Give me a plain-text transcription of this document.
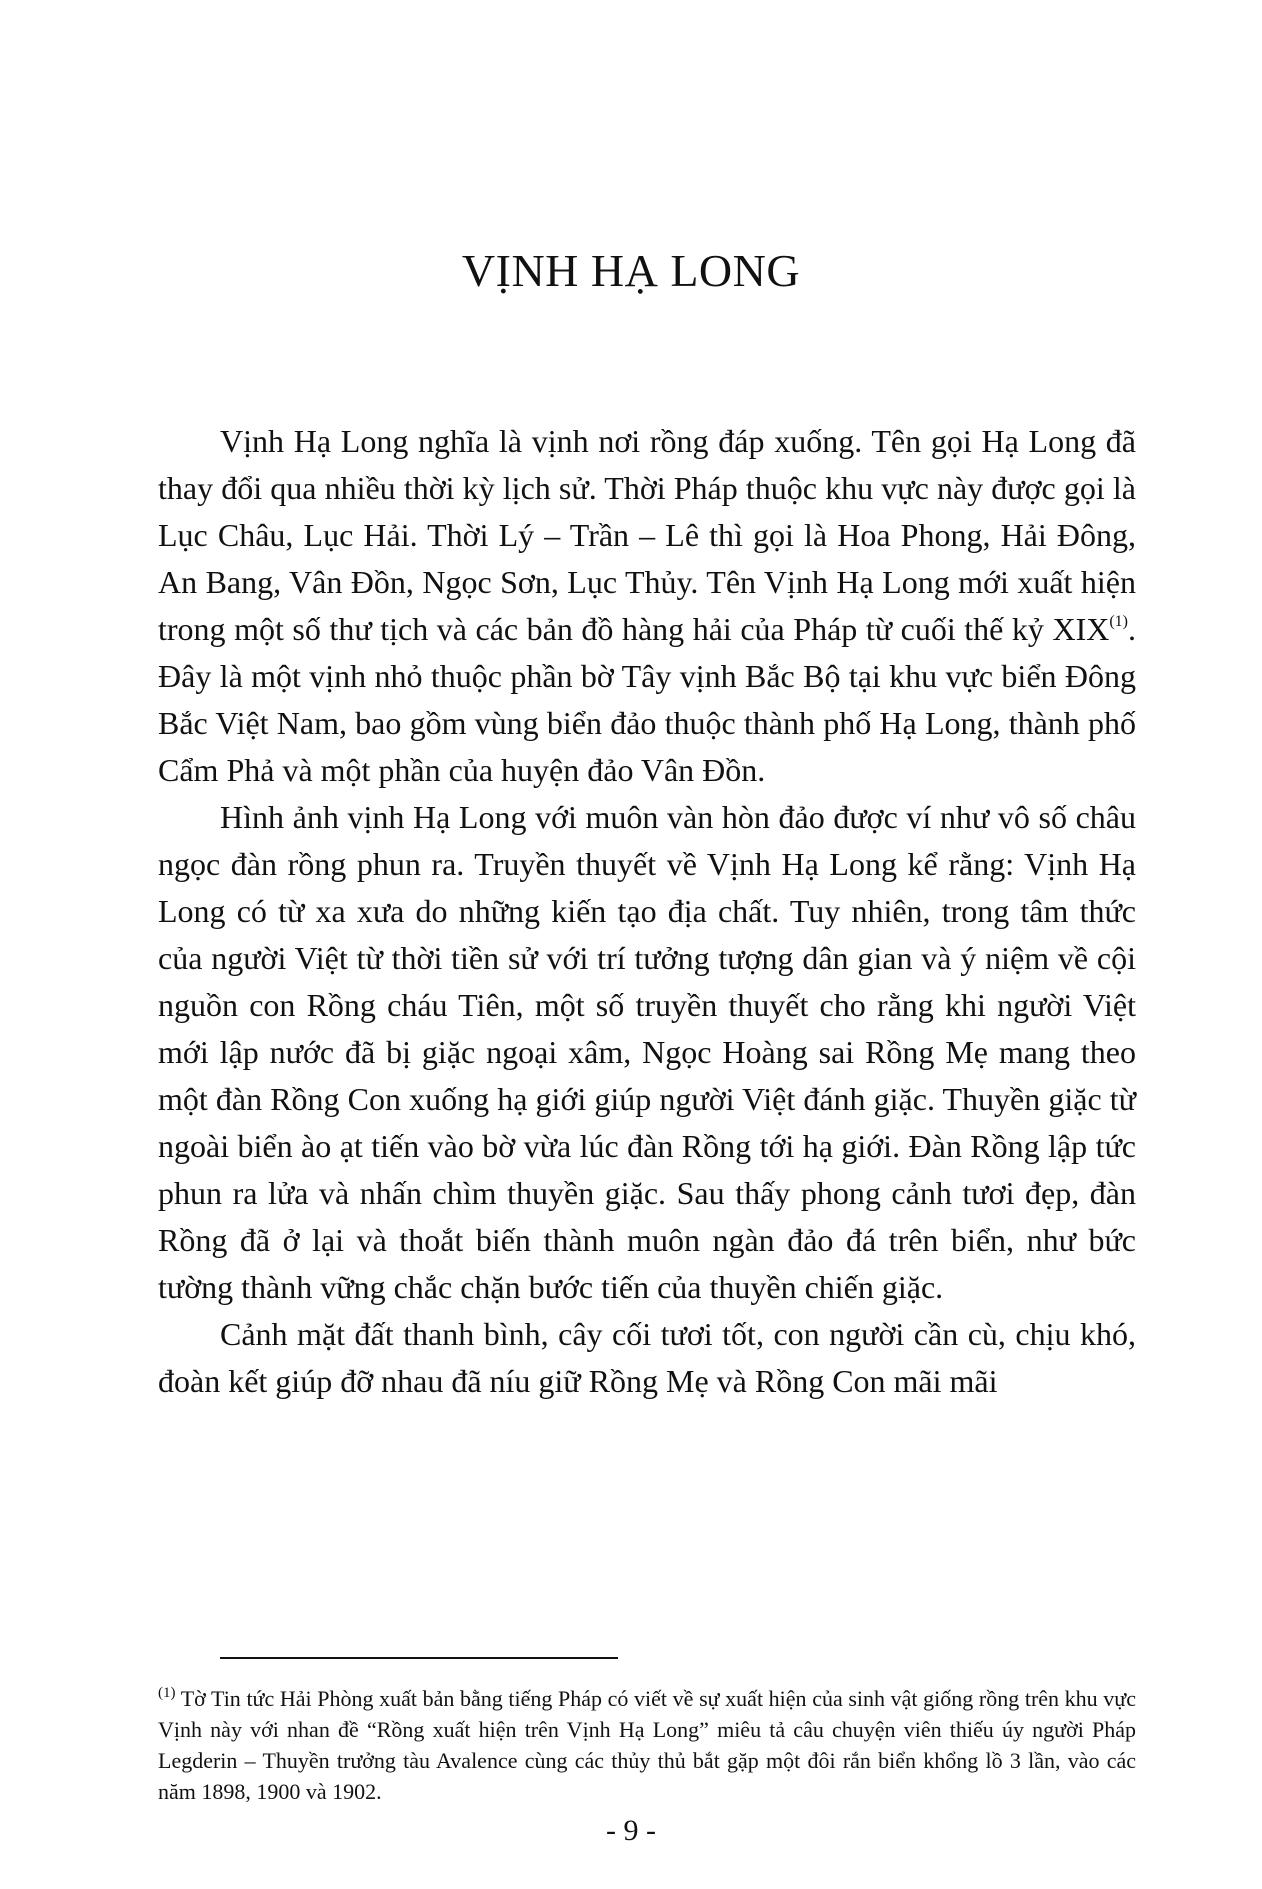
VỊNH HẠ LONG

Vịnh Hạ Long nghĩa là vịnh nơi rồng đáp xuống. Tên gọi Hạ Long đã thay đổi qua nhiều thời kỳ lịch sử. Thời Pháp thuộc khu vực này được gọi là Lục Châu, Lục Hải. Thời Lý – Trần – Lê thì gọi là Hoa Phong, Hải Đông, An Bang, Vân Đồn, Ngọc Sơn, Lục Thủy. Tên Vịnh Hạ Long mới xuất hiện trong một số thư tịch và các bản đồ hàng hải của Pháp từ cuối thế kỷ XIX$^{(1)}$. Đây là một vịnh nhỏ thuộc phần bờ Tây vịnh Bắc Bộ tại khu vực biển Đông Bắc Việt Nam, bao gồm vùng biển đảo thuộc thành phố Hạ Long, thành phố Cẩm Phả và một phần của huyện đảo Vân Đồn.

Hình ảnh vịnh Hạ Long với muôn vàn hòn đảo được ví như vô số châu ngọc đàn rồng phun ra. Truyền thuyết về Vịnh Hạ Long kể rằng: Vịnh Hạ Long có từ xa xưa do những kiến tạo địa chất. Tuy nhiên, trong tâm thức của người Việt từ thời tiền sử với trí tưởng tượng dân gian và ý niệm về cội nguồn con Rồng cháu Tiên, một số truyền thuyết cho rằng khi người Việt mới lập nước đã bị giặc ngoại xâm, Ngọc Hoàng sai Rồng Mẹ mang theo một đàn Rồng Con xuống hạ giới giúp người Việt đánh giặc. Thuyền giặc từ ngoài biển ào ạt tiến vào bờ vừa lúc đàn Rồng tới hạ giới. Đàn Rồng lập tức phun ra lửa và nhấn chìm thuyền giặc. Sau thấy phong cảnh tươi đẹp, đàn Rồng đã ở lại và thoắt biến thành muôn ngàn đảo đá trên biển, như bức tường thành vững chắc chặn bước tiến của thuyền chiến giặc.

Cảnh mặt đất thanh bình, cây cối tươi tốt, con người cần cù, chịu khó, đoàn kết giúp đỡ nhau đã níu giữ Rồng Mẹ và Rồng Con mãi mãi

$^{(1)}$ Tờ Tin tức Hải Phòng xuất bản bằng tiếng Pháp có viết về sự xuất hiện của sinh vật giống rồng trên khu vực Vịnh này với nhan đề “Rồng xuất hiện trên Vịnh Hạ Long” miêu tả câu chuyện viên thiếu úy người Pháp Legderin – Thuyền trưởng tàu Avalence cùng các thủy thủ bắt gặp một đôi rắn biển khổng lồ 3 lần, vào các năm 1898, 1900 và 1902.
- 9 -
